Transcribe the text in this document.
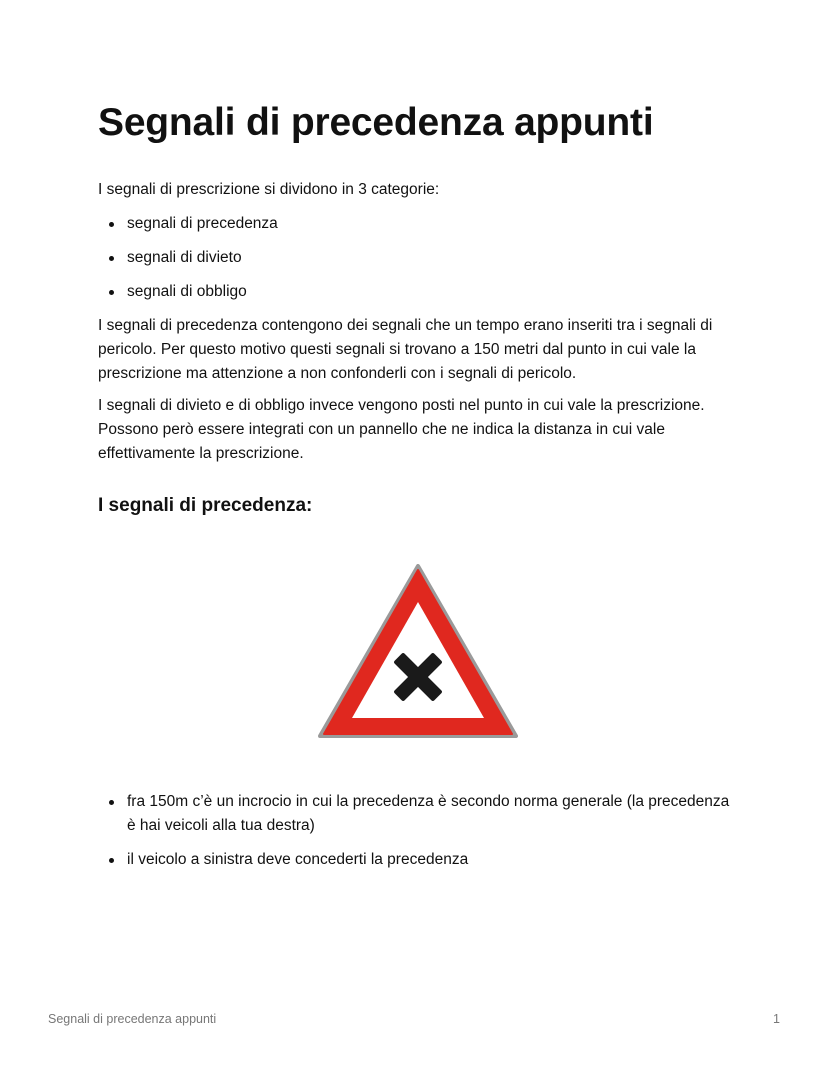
Segnali di precedenza appunti

I segnali di prescrizione si dividono in 3 categorie:

segnali di precedenza
segnali di divieto
segnali di obbligo

I segnali di precedenza contengono dei segnali che un tempo erano inseriti tra i segnali di pericolo. Per questo motivo questi segnali si trovano a 150 metri dal punto in cui vale la prescrizione ma attenzione a non confonderli con i segnali di pericolo.

I segnali di divieto e di obbligo invece vengono posti nel punto in cui vale la prescrizione. Possono però essere integrati con un pannello che ne indica la distanza in cui vale effettivamente la prescrizione.

I segnali di precedenza:
fra 150m c’è un incrocio in cui la precedenza è secondo norma generale (la precedenza è hai veicoli alla tua destra)
il veicolo a sinistra deve concederti la precedenza
Segnali di precedenza appunti	1
